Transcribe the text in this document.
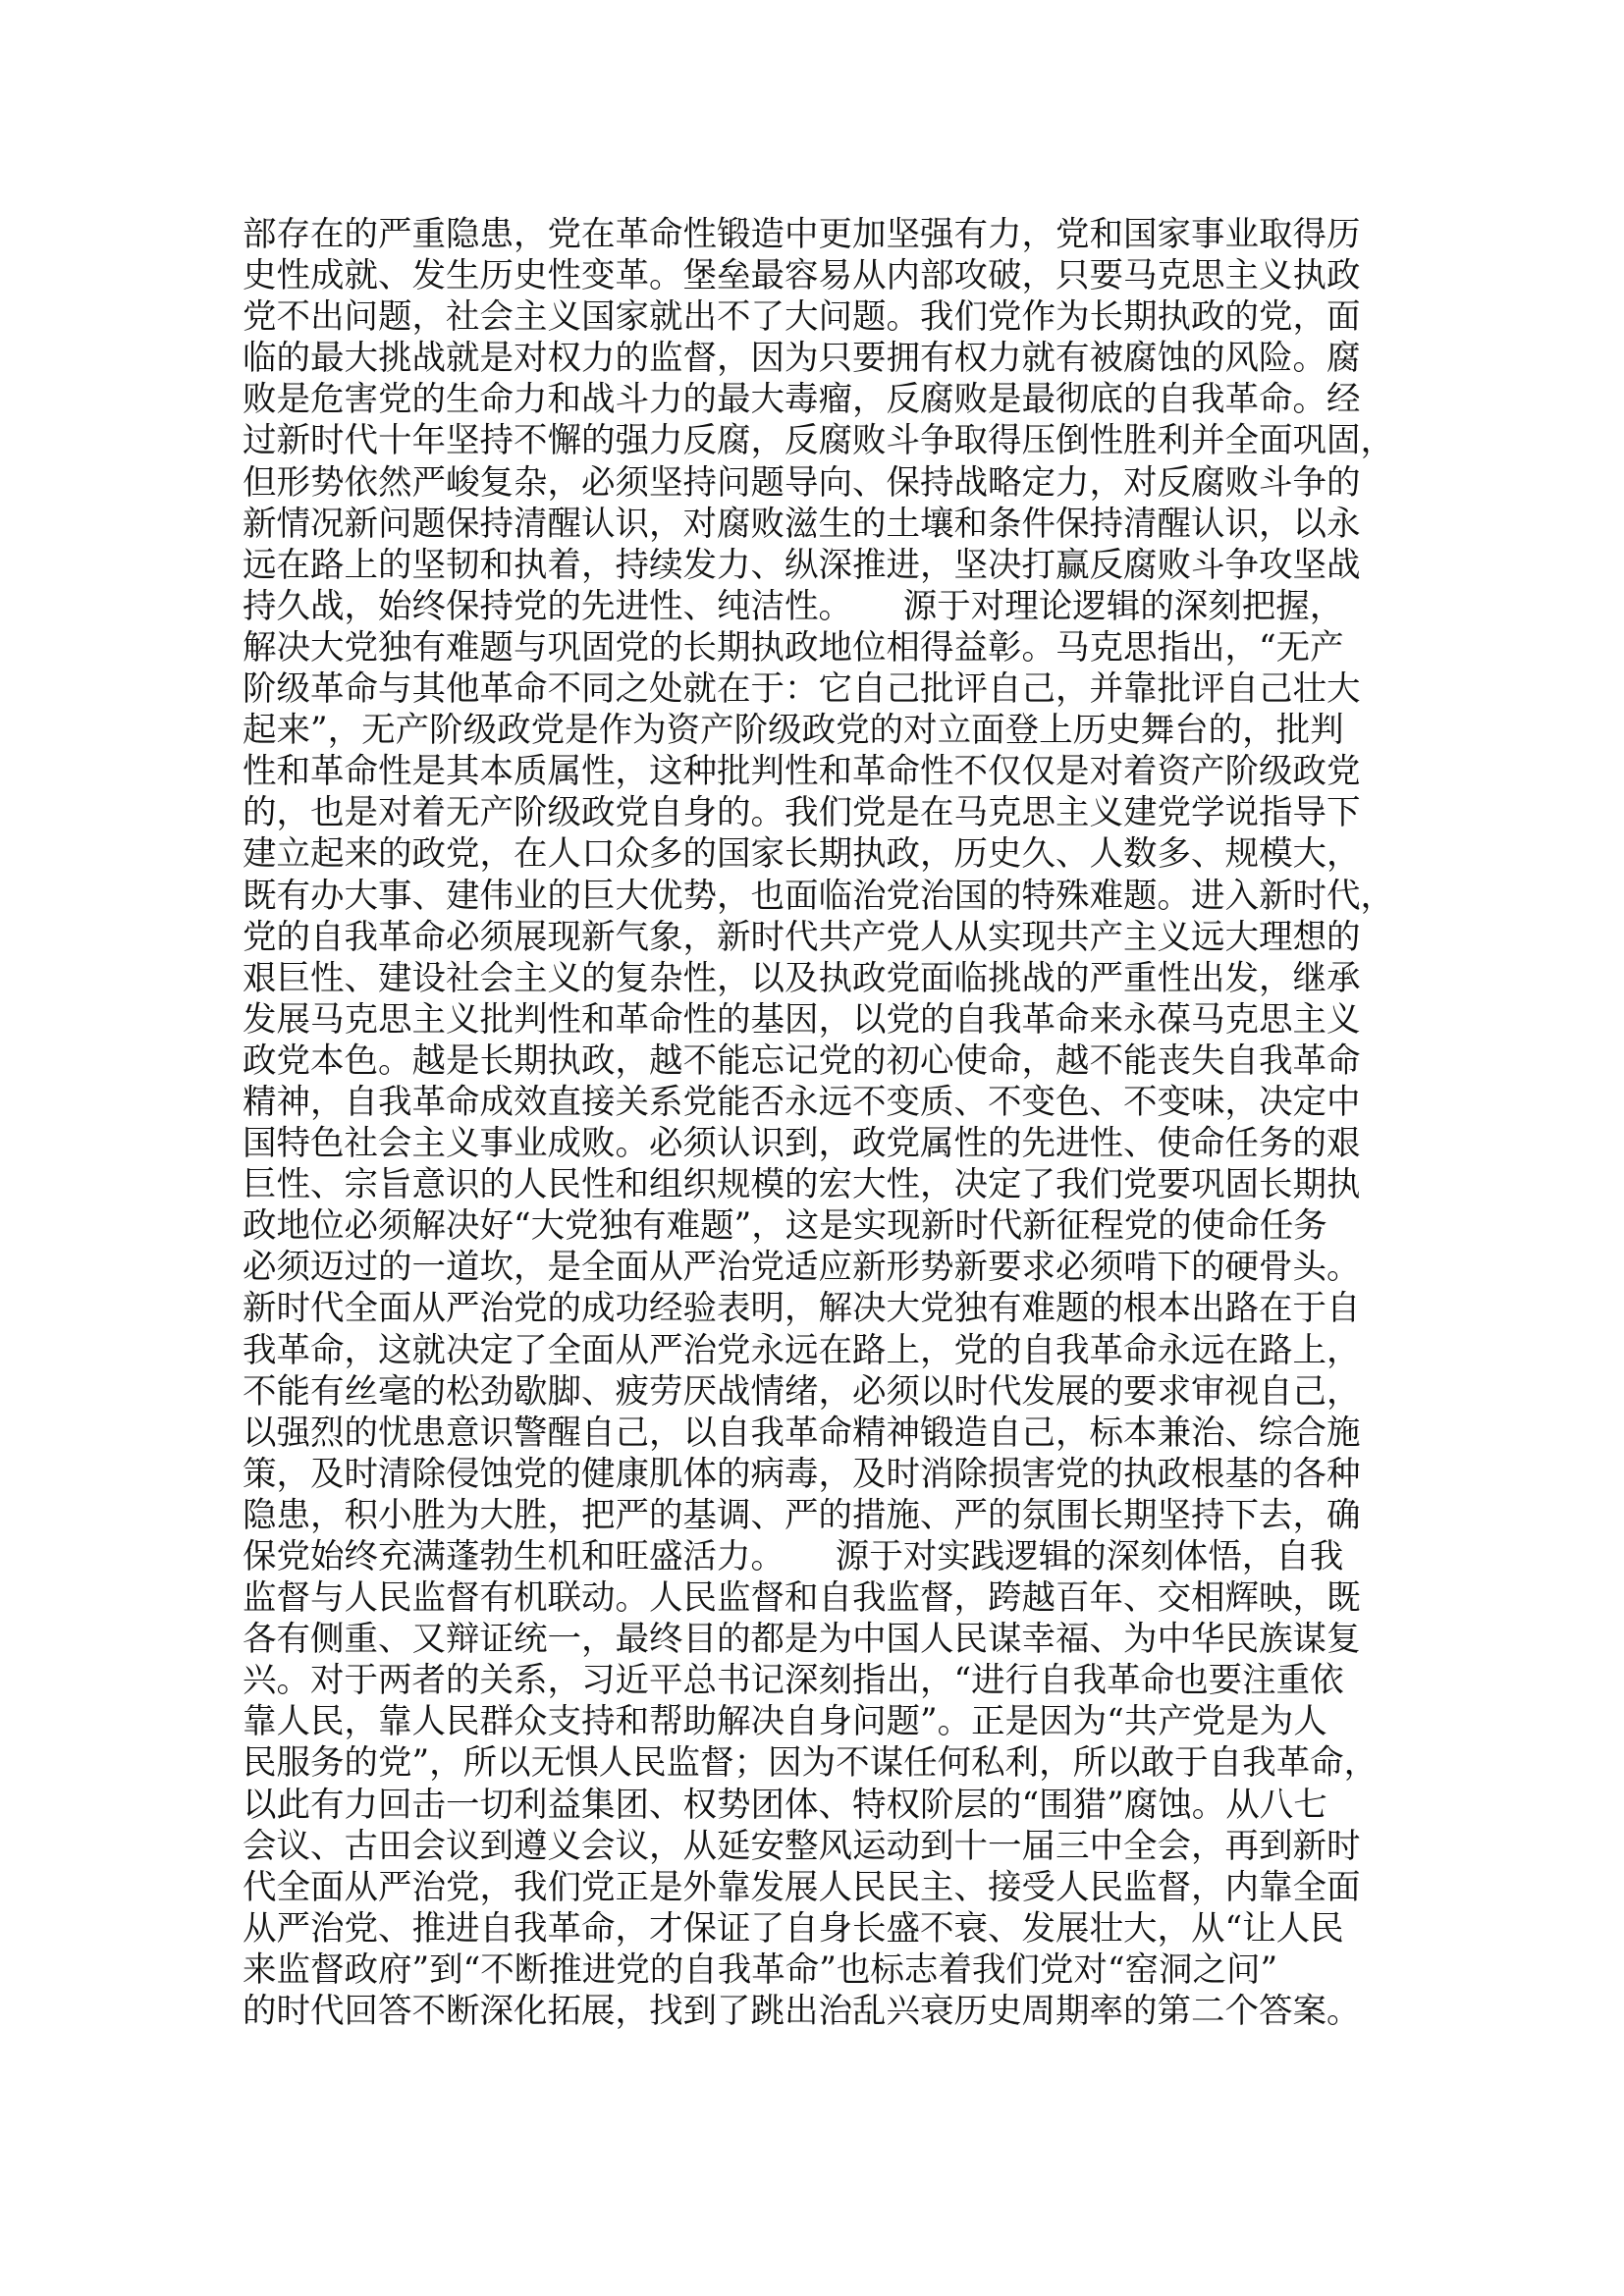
部存在的严重隐患，党在革命性锻造中更加坚强有力，党和国家事业取得历
史性成就、发生历史性变革。堡垒最容易从内部攻破，只要马克思主义执政
党不出问题，社会主义国家就出不了大问题。我们党作为长期执政的党，面
临的最大挑战就是对权力的监督，因为只要拥有权力就有被腐蚀的风险。腐
败是危害党的生命力和战斗力的最大毒瘤，反腐败是最彻底的自我革命。经
过新时代十年坚持不懈的强力反腐，反腐败斗争取得压倒性胜利并全面巩固，
但形势依然严峻复杂，必须坚持问题导向、保持战略定力，对反腐败斗争的
新情况新问题保持清醒认识，对腐败滋生的土壤和条件保持清醒认识，以永
远在路上的坚韧和执着，持续发力、纵深推进，坚决打赢反腐败斗争攻坚战
持久战，始终保持党的先进性、纯洁性。　　源于对理论逻辑的深刻把握，
解决大党独有难题与巩固党的长期执政地位相得益彰。马克思指出，“无产
阶级革命与其他革命不同之处就在于：它自己批评自己，并靠批评自己壮大
起来”，无产阶级政党是作为资产阶级政党的对立面登上历史舞台的，批判
性和革命性是其本质属性，这种批判性和革命性不仅仅是对着资产阶级政党
的，也是对着无产阶级政党自身的。我们党是在马克思主义建党学说指导下
建立起来的政党，在人口众多的国家长期执政，历史久、人数多、规模大，
既有办大事、建伟业的巨大优势，也面临治党治国的特殊难题。进入新时代，
党的自我革命必须展现新气象，新时代共产党人从实现共产主义远大理想的
艰巨性、建设社会主义的复杂性，以及执政党面临挑战的严重性出发，继承
发展马克思主义批判性和革命性的基因，以党的自我革命来永葆马克思主义
政党本色。越是长期执政，越不能忘记党的初心使命，越不能丧失自我革命
精神，自我革命成效直接关系党能否永远不变质、不变色、不变味，决定中
国特色社会主义事业成败。必须认识到，政党属性的先进性、使命任务的艰
巨性、宗旨意识的人民性和组织规模的宏大性，决定了我们党要巩固长期执
政地位必须解决好“大党独有难题”，这是实现新时代新征程党的使命任务
必须迈过的一道坎，是全面从严治党适应新形势新要求必须啃下的硬骨头。
新时代全面从严治党的成功经验表明，解决大党独有难题的根本出路在于自
我革命，这就决定了全面从严治党永远在路上，党的自我革命永远在路上，
不能有丝毫的松劲歇脚、疲劳厌战情绪，必须以时代发展的要求审视自己，
以强烈的忧患意识警醒自己，以自我革命精神锻造自己，标本兼治、综合施
策，及时清除侵蚀党的健康肌体的病毒，及时消除损害党的执政根基的各种
隐患，积小胜为大胜，把严的基调、严的措施、严的氛围长期坚持下去，确
保党始终充满蓬勃生机和旺盛活力。　　源于对实践逻辑的深刻体悟，自我
监督与人民监督有机联动。人民监督和自我监督，跨越百年、交相辉映，既
各有侧重、又辩证统一，最终目的都是为中国人民谋幸福、为中华民族谋复
兴。对于两者的关系，习近平总书记深刻指出，“进行自我革命也要注重依
靠人民，靠人民群众支持和帮助解决自身问题”。正是因为“共产党是为人
民服务的党”，所以无惧人民监督；因为不谋任何私利，所以敢于自我革命，
以此有力回击一切利益集团、权势团体、特权阶层的“围猎”腐蚀。从八七
会议、古田会议到遵义会议，从延安整风运动到十一届三中全会，再到新时
代全面从严治党，我们党正是外靠发展人民民主、接受人民监督，内靠全面
从严治党、推进自我革命，才保证了自身长盛不衰、发展壮大，从“让人民
来监督政府”到“不断推进党的自我革命”也标志着我们党对“窑洞之问”
的时代回答不断深化拓展，找到了跳出治乱兴衰历史周期率的第二个答案。
